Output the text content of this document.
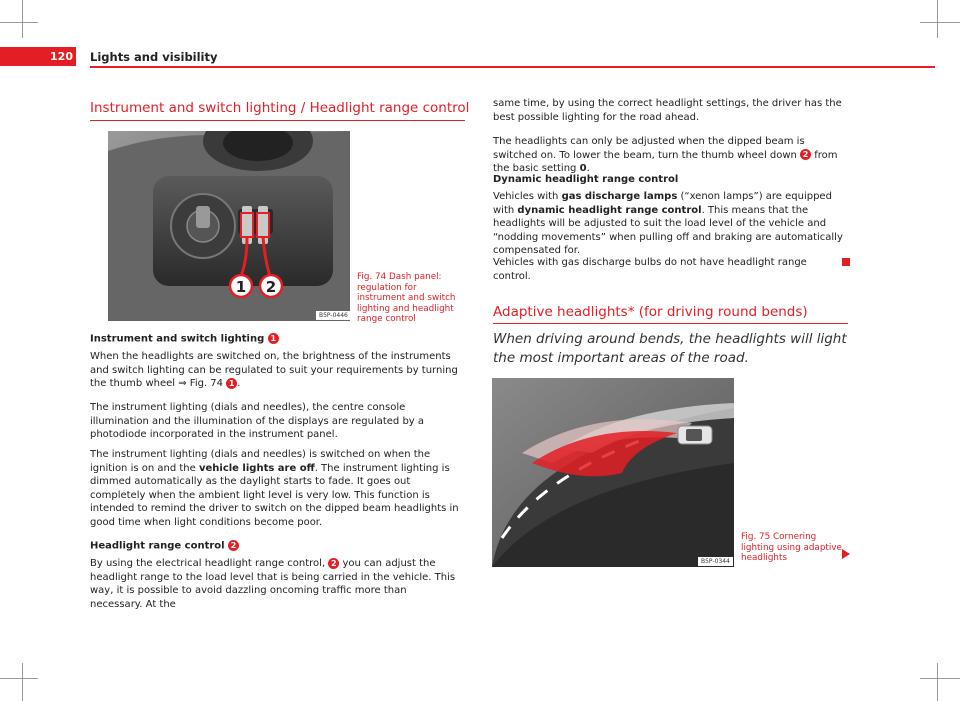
120 Lights and visibility
Instrument and switch lighting / Headlight range control
1 2
B5P-0446
Fig. 74 Dash panel: regulation for instrument and switch lighting and headlight range control
Instrument and switch lighting 1

When the headlights are switched on, the brightness of the instruments and switch lighting can be regulated to suit your requirements by turning the thumb wheel ⇒ Fig. 74 1 .

The instrument lighting (dials and needles), the centre console illumination and the illumination of the displays are regulated by a photodiode incorporated in the instrument panel.

The instrument lighting (dials and needles) is switched on when the ignition is on and the vehicle lights are off. The instrument lighting is dimmed automatically as the daylight starts to fade. It goes out completely when the ambient light level is very low. This function is intended to remind the driver to switch on the dipped beam headlights in good time when light conditions become poor.

Headlight range control 2

By using the electrical headlight range control, 2 you can adjust the headlight range to the load level that is being carried in the vehicle. This way, it is possible to avoid dazzling oncoming traffic more than necessary. At the

same time, by using the correct headlight settings, the driver has the best possible lighting for the road ahead.

The headlights can only be adjusted when the dipped beam is switched on. To lower the beam, turn the thumb wheel down 2 from the basic setting 0.

Dynamic headlight range control

Vehicles with gas discharge lamps (“xenon lamps”) are equipped with dynamic headlight range control. This means that the headlights will be adjusted to suit the load level of the vehicle and “nodding movements” when pulling off and braking are automatically compensated for.

Vehicles with gas discharge bulbs do not have headlight range control.

Adaptive headlights* (for driving round bends)
When driving around bends, the headlights will light the most important areas of the road.
B5P-0344
Fig. 75 Cornering lighting using adaptive headlights
